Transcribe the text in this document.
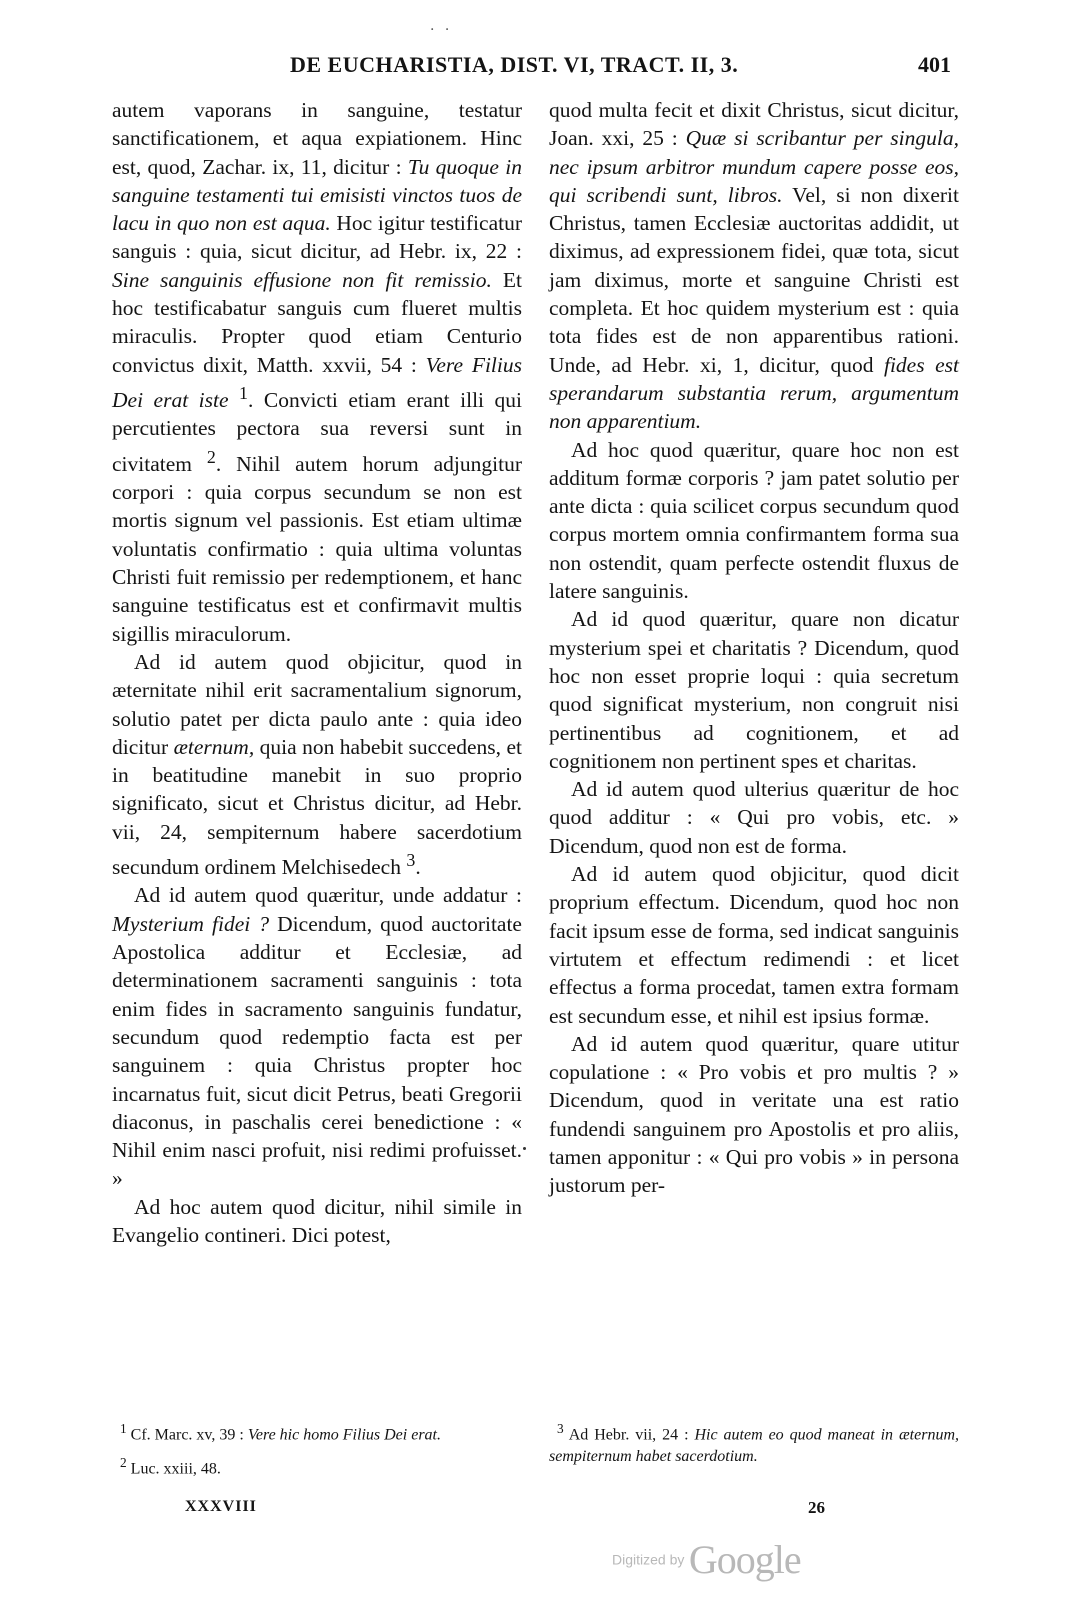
· ·
DE EUCHARISTIA, DIST. VI, TRACT. II, 3.	401

autem vaporans in sanguine, testatur sanctificationem, et aqua expiationem. Hinc est, quod, Zachar. ix, 11, dicitur : Tu quoque in sanguine testamenti tui emisisti vinctos tuos de lacu in quo non est aqua. Hoc igitur testificatur sanguis : quia, sicut dicitur, ad Hebr. ix, 22 : Sine sanguinis effusione non fit remissio. Et hoc testificabatur sanguis cum flueret multis miraculis. Propter quod etiam Centurio convictus dixit, Matth. xxvii, 54 : Vere Filius Dei erat iste $^1$. Convicti etiam erant illi qui percutientes pectora sua reversi sunt in civitatem $^2$. Nihil autem horum adjungitur corpori : quia corpus secundum se non est mortis signum vel passionis. Est etiam ultimæ voluntatis confirmatio : quia ultima voluntas Christi fuit remissio per redemptionem, et hanc sanguine testificatus est et confirmavit multis sigillis miraculorum.

Ad id autem quod objicitur, quod in æternitate nihil erit sacramentalium signorum, solutio patet per dicta paulo ante : quia ideo dicitur æternum, quia non habebit succedens, et in beatitudine manebit in suo proprio significato, sicut et Christus dicitur, ad Hebr. vii, 24, sempiternum habere sacerdotium secundum ordinem Melchisedech $^3$.

Ad id autem quod quæritur, unde addatur : Mysterium fidei ? Dicendum, quod auctoritate Apostolica additur et Ecclesiæ, ad determinationem sacramenti sanguinis : tota enim fides in sacramento sanguinis fundatur, secundum quod redemptio facta est per sanguinem : quia Christus propter hoc incarnatus fuit, sicut dicit Petrus, beati Gregorii diaconus, in paschalis cerei benedictione : « Nihil enim nasci profuit, nisi redimi profuisset. »

Ad hoc autem quod dicitur, nihil simile in Evangelio contineri. Dici potest,

quod multa fecit et dixit Christus, sicut dicitur, Joan. xxi, 25 : Quæ si scribantur per singula, nec ipsum arbitror mundum capere posse eos, qui scribendi sunt, libros. Vel, si non dixerit Christus, tamen Ecclesiæ auctoritas addidit, ut diximus, ad expressionem fidei, quæ tota, sicut jam diximus, morte et sanguine Christi est completa. Et hoc quidem mysterium est : quia tota fides est de non apparentibus rationi. Unde, ad Hebr. xi, 1, dicitur, quod fides est sperandarum substantia rerum, argumentum non apparentium.

Ad hoc quod quæritur, quare hoc non est additum formæ corporis ? jam patet solutio per ante dicta : quia scilicet corpus secundum quod corpus mortem omnia confirmantem forma sua non ostendit, quam perfecte ostendit fluxus de latere sanguinis.

Ad id quod quæritur, quare non dicatur mysterium spei et charitatis ? Dicendum, quod hoc non esset proprie loqui : quia secretum quod significat mysterium, non congruit nisi pertinentibus ad cognitionem, et ad cognitionem non pertinent spes et charitas.

Ad id autem quod ulterius quæritur de hoc quod additur : « Qui pro vobis, etc. » Dicendum, quod non est de forma.

Ad id autem quod objicitur, quod dicit proprium effectum. Dicendum, quod hoc non facit ipsum esse de forma, sed indicat sanguinis virtutem et effectum redimendi : et licet effectus a forma procedat, tamen extra formam est secundum esse, et nihil est ipsius formæ.

Ad id autem quod quæritur, quare utitur copulatione : « Pro vobis et pro multis ? » Dicendum, quod in veritate una est ratio fundendi sanguinem pro Apostolis et pro aliis, tamen apponitur : « Qui pro vobis » in persona justorum per-

$^1$ Cf. Marc. xv, 39 : Vere hic homo Filius Dei erat.

$^2$ Luc. xxiii, 48.

$^3$ Ad Hebr. vii, 24 : Hic autem eo quod maneat in æternum, sempiternum habet sacerdotium.

XXXVIII	26
Digitized by Google
